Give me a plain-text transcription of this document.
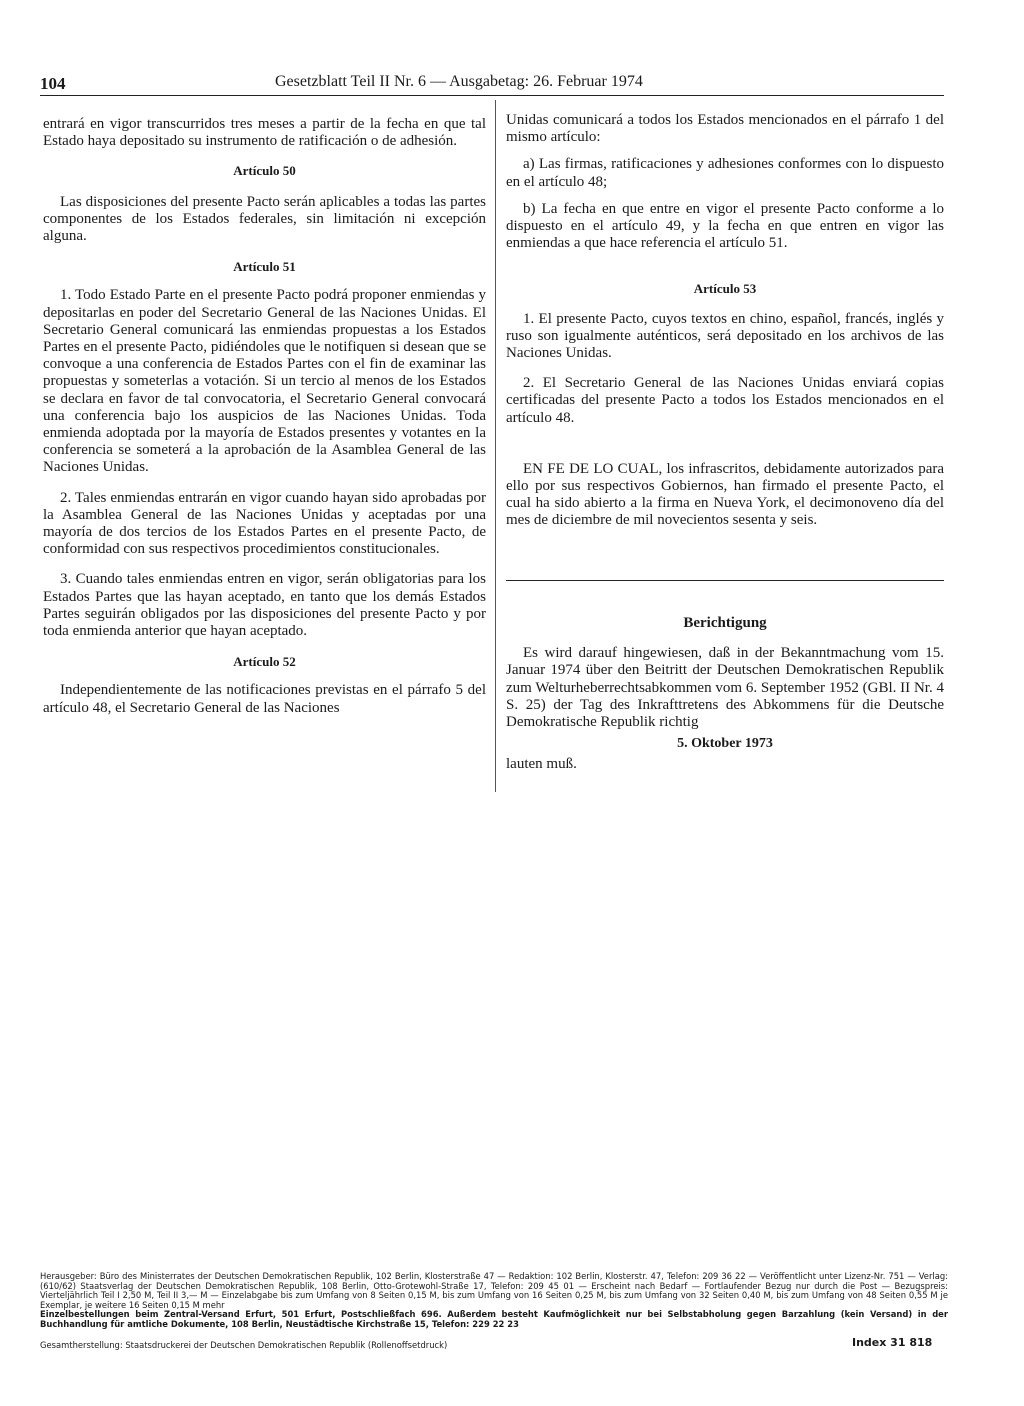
104	Gesetzblatt Teil II Nr. 6 — Ausgabetag: 26. Februar 1974

entrará en vigor transcurridos tres meses a partir de la fecha en que tal Estado haya depositado su instrumento de ratificación o de adhesión.

Artículo 50

Las disposiciones del presente Pacto serán aplicables a todas las partes componentes de los Estados federales, sin limitación ni excepción alguna.

Artículo 51

1. Todo Estado Parte en el presente Pacto podrá proponer enmiendas y depositarlas en poder del Secretario General de las Naciones Unidas. El Secretario General comunicará las enmiendas propuestas a los Estados Partes en el presente Pacto, pidiéndoles que le notifiquen si desean que se convoque a una conferencia de Estados Partes con el fin de examinar las propuestas y someterlas a votación. Si un tercio al menos de los Estados se declara en favor de tal convocatoria, el Secretario General convocará una conferencia bajo los auspicios de las Naciones Unidas. Toda enmienda adoptada por la mayoría de Estados presentes y votantes en la conferencia se someterá a la aprobación de la Asamblea General de las Naciones Unidas.

2. Tales enmiendas entrarán en vigor cuando hayan sido aprobadas por la Asamblea General de las Naciones Unidas y aceptadas por una mayoría de dos tercios de los Estados Partes en el presente Pacto, de conformidad con sus respectivos procedimientos constitucionales.

3. Cuando tales enmiendas entren en vigor, serán obligatorias para los Estados Partes que las hayan aceptado, en tanto que los demás Estados Partes seguirán obligados por las disposiciones del presente Pacto y por toda enmienda anterior que hayan aceptado.

Artículo 52

Independientemente de las notificaciones previstas en el párrafo 5 del artículo 48, el Secretario General de las Naciones

Unidas comunicará a todos los Estados mencionados en el párrafo 1 del mismo artículo:

a) Las firmas, ratificaciones y adhesiones conformes con lo dispuesto en el artículo 48;

b) La fecha en que entre en vigor el presente Pacto conforme a lo dispuesto en el artículo 49, y la fecha en que entren en vigor las enmiendas a que hace referencia el artículo 51.

Artículo 53

1. El presente Pacto, cuyos textos en chino, español, francés, inglés y ruso son igualmente auténticos, será depositado en los archivos de las Naciones Unidas.

2. El Secretario General de las Naciones Unidas enviará copias certificadas del presente Pacto a todos los Estados mencionados en el artículo 48.

EN FE DE LO CUAL, los infrascritos, debidamente autorizados para ello por sus respectivos Gobiernos, han firmado el presente Pacto, el cual ha sido abierto a la firma en Nueva York, el decimonoveno día del mes de diciembre de mil novecientos sesenta y seis.

Berichtigung

Es wird darauf hingewiesen, daß in der Bekanntmachung vom 15. Januar 1974 über den Beitritt der Deutschen Demokratischen Republik zum Welturheberrechtsabkommen vom 6. September 1952 (GBl. II Nr. 4 S. 25) der Tag des Inkrafttretens des Abkommens für die Deutsche Demokratische Republik richtig

5. Oktober 1973

lauten muß.

Herausgeber: Büro des Ministerrates der Deutschen Demokratischen Republik, 102 Berlin, Klosterstraße 47 — Redaktion: 102 Berlin, Klosterstr. 47, Telefon: 209 36 22 — Veröffentlicht unter Lizenz-Nr. 751 — Verlag: (610/62) Staatsverlag der Deutschen Demokratischen Republik, 108 Berlin, Otto-Grotewohl-Straße 17, Telefon: 209 45 01 — Erscheint nach Bedarf — Fortlaufender Bezug nur durch die Post — Bezugspreis: Vierteljährlich Teil I 2,50 M, Teil II 3,— M — Einzelabgabe bis zum Umfang von 8 Seiten 0,15 M, bis zum Umfang von 16 Seiten 0,25 M, bis zum Umfang von 32 Seiten 0,40 M, bis zum Umfang von 48 Seiten 0,55 M je Exemplar, je weitere 16 Seiten 0,15 M mehr

Einzelbestellungen beim Zentral-Versand Erfurt, 501 Erfurt, Postschließfach 696. Außerdem besteht Kaufmöglichkeit nur bei Selbstabholung gegen Barzahlung (kein Versand) in der Buchhandlung für amtliche Dokumente, 108 Berlin, Neustädtische Kirchstraße 15, Telefon: 229 22 23

Gesamtherstellung: Staatsdruckerei der Deutschen Demokratischen Republik (Rollenoffsetdruck)	Index 31 818
